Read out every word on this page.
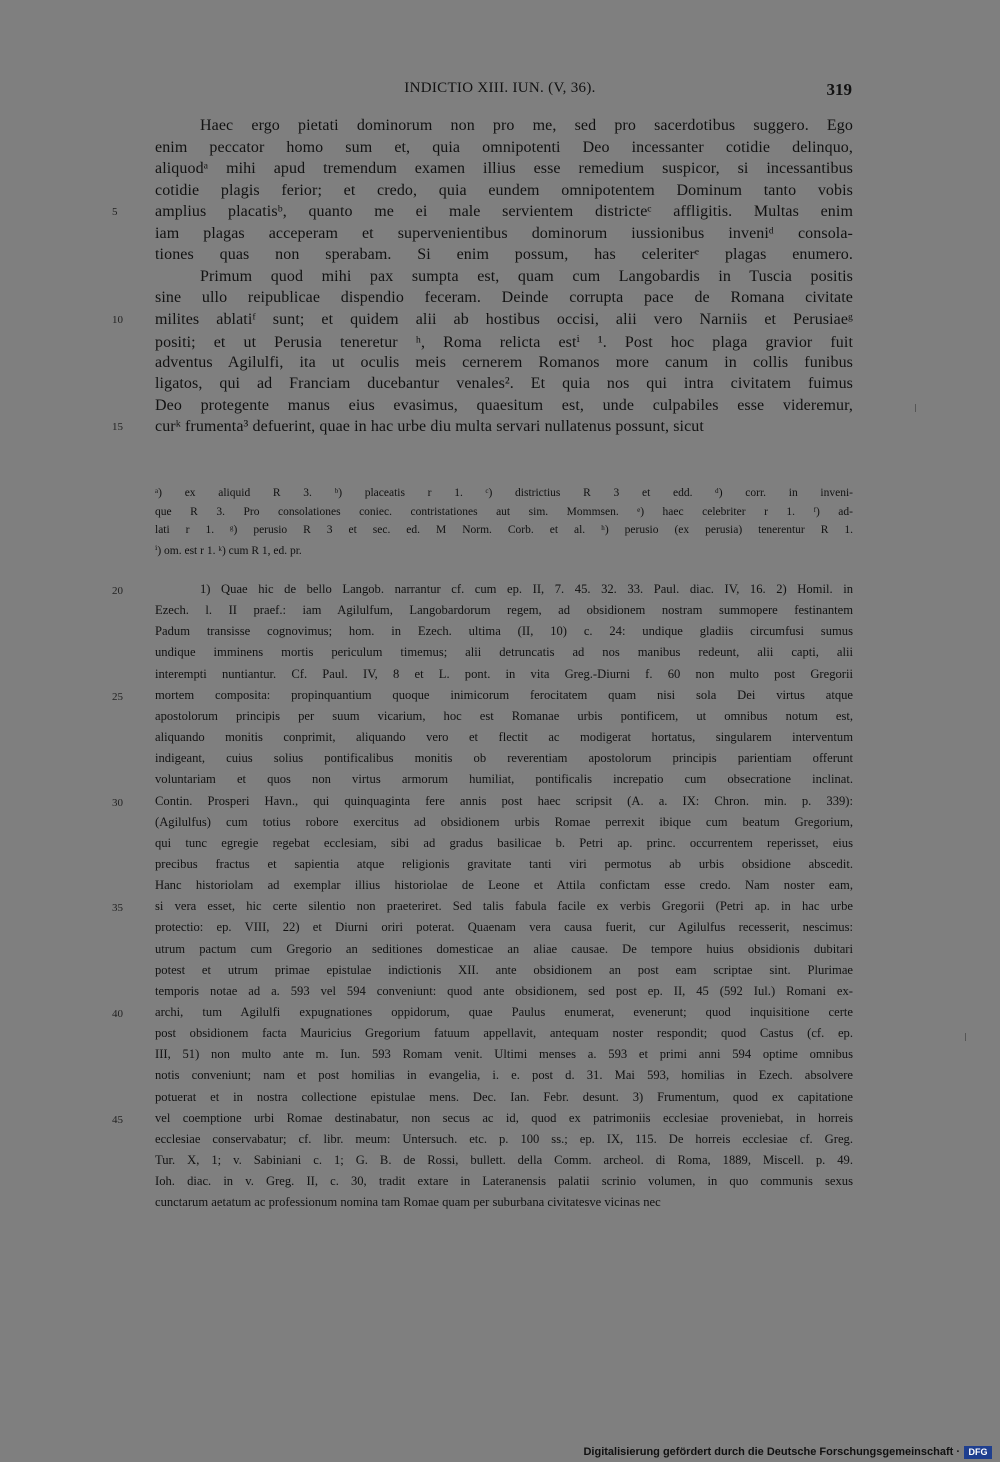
INDICTIO XIII. IUN. (V, 36).	319
Haec ergo pietati dominorum non pro me, sed pro sacerdotibus suggero. Ego
enim peccator homo sum et, quia omnipotenti Deo incessanter cotidie delinquo,
aliquodᵃ mihi apud tremendum examen illius esse remedium suspicor, si incessantibus
cotidie plagis ferior; et credo, quia eundem omnipotentem Dominum tanto vobis
amplius placatisᵇ, quanto me ei male servientem districteᶜ affligitis. Multas enim
iam plagas acceperam et supervenientibus dominorum iussionibus inveniᵈ consola-
tiones quas non sperabam. Si enim possum, has celeriterᵉ plagas enumero.
Primum quod mihi pax sumpta est, quam cum Langobardis in Tuscia positis
sine ullo reipublicae dispendio feceram. Deinde corrupta pace de Romana civitate
milites ablatiᶠ sunt; et quidem alii ab hostibus occisi, alii vero Narniis et Perusiaeᵍ
positi; et ut Perusia teneretur ʰ, Roma relicta estⁱ ¹. Post hoc plaga gravior fuit
adventus Agilulfi, ita ut oculis meis cernerem Romanos more canum in collis funibus
ligatos, qui ad Franciam ducebantur venales². Et quia nos qui intra civitatem fuimus
Deo protegente manus eius evasimus, quaesitum est, unde culpabiles esse videremur,
curᵏ frumenta³ defuerint, quae in hac urbe diu multa servari nullatenus possunt, sicut
5
10
15
ᵃ) ex aliquid R 3. ᵇ) placeatis r 1. ᶜ) districtius R 3 et edd. ᵈ) corr. in inveni-
que R 3. Pro consolationes coniec. contristationes aut sim. Mommsen. ᵉ) haec celebriter r 1. ᶠ) ad-
lati r 1. ᵍ) perusio R 3 et sec. ed. M Norm. Corb. et al. ʰ) perusio (ex perusia) tenerentur R 1.
ⁱ) om. est r 1. ᵏ) cum R 1, ed. pr.
1) Quae hic de bello Langob. narrantur cf. cum ep. II, 7. 45. 32. 33. Paul. diac. IV, 16. 2) Homil. in
Ezech. l. II praef.: iam Agilulfum, Langobardorum regem, ad obsidionem nostram summopere festinantem
Padum transisse cognovimus; hom. in Ezech. ultima (II, 10) c. 24: undique gladiis circumfusi sumus
undique imminens mortis periculum timemus; alii detruncatis ad nos manibus redeunt, alii capti, alii
interempti nuntiantur. Cf. Paul. IV, 8 et L. pont. in vita Greg.-Diurni f. 60 non multo post Gregorii
mortem composita: propinquantium quoque inimicorum ferocitatem quam nisi sola Dei virtus atque
apostolorum principis per suum vicarium, hoc est Romanae urbis pontificem, ut omnibus notum est,
aliquando monitis conprimit, aliquando vero et flectit ac modigerat hortatus, singularem interventum
indigeant, cuius solius pontificalibus monitis ob reverentiam apostolorum principis parientiam offerunt
voluntariam et quos non virtus armorum humiliat, pontificalis increpatio cum obsecratione inclinat.
Contin. Prosperi Havn., qui quinquaginta fere annis post haec scripsit (A. a. IX: Chron. min. p. 339):
(Agilulfus) cum totius robore exercitus ad obsidionem urbis Romae perrexit ibique cum beatum Gregorium,
qui tunc egregie regebat ecclesiam, sibi ad gradus basilicae b. Petri ap. princ. occurrentem reperisset, eius
precibus fractus et sapientia atque religionis gravitate tanti viri permotus ab urbis obsidione abscedit.
Hanc historiolam ad exemplar illius historiolae de Leone et Attila confictam esse credo. Nam noster eam,
si vera esset, hic certe silentio non praeteriret. Sed talis fabula facile ex verbis Gregorii (Petri ap. in hac urbe
protectio: ep. VIII, 22) et Diurni oriri poterat. Quaenam vera causa fuerit, cur Agilulfus recesserit, nescimus:
utrum pactum cum Gregorio an seditiones domesticae an aliae causae. De tempore huius obsidionis dubitari
potest et utrum primae epistulae indictionis XII. ante obsidionem an post eam scriptae sint. Plurimae
temporis notae ad a. 593 vel 594 conveniunt: quod ante obsidionem, sed post ep. II, 45 (592 Iul.) Romani ex-
archi, tum Agilulfi expugnationes oppidorum, quae Paulus enumerat, evenerunt; quod inquisitione certe
post obsidionem facta Mauricius Gregorium fatuum appellavit, antequam noster respondit; quod Castus (cf. ep.
III, 51) non multo ante m. Iun. 593 Romam venit. Ultimi menses a. 593 et primi anni 594 optime omnibus
notis conveniunt; nam et post homilias in evangelia, i. e. post d. 31. Mai 593, homilias in Ezech. absolvere
potuerat et in nostra collectione epistulae mens. Dec. Ian. Febr. desunt. 3) Frumentum, quod ex capitatione
vel coemptione urbi Romae destinabatur, non secus ac id, quod ex patrimoniis ecclesiae proveniebat, in horreis
ecclesiae conservabatur; cf. libr. meum: Untersuch. etc. p. 100 ss.; ep. IX, 115. De horreis ecclesiae cf. Greg.
Tur. X, 1; v. Sabiniani c. 1; G. B. de Rossi, bullett. della Comm. archeol. di Roma, 1889, Miscell. p. 49.
Ioh. diac. in v. Greg. II, c. 30, tradit extare in Lateranensis palatii scrinio volumen, in quo communis sexus
cunctarum aetatum ac professionum nomina tam Romae quam per suburbana civitatesve vicinas nec
20
25
30
35
40
45
Digitalisierung gefördert durch die Deutsche Forschungsgemeinschaft · DFG
